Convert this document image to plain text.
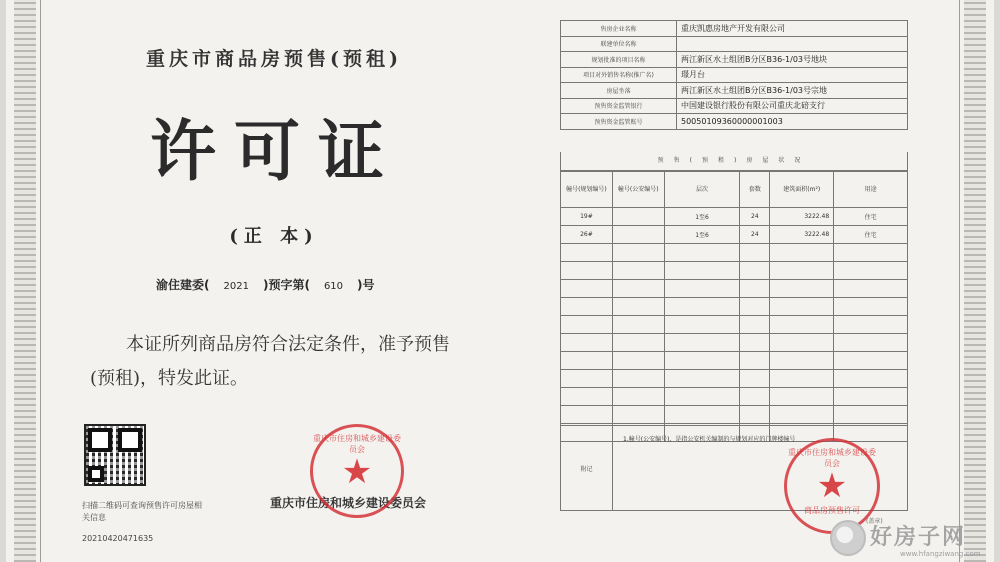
重庆市商品房预售(预租)
许可证
(正 本)
渝住建委( 2021 )预字第( 610 )号
本证所列商品房符合法定条件，准予预售(预租)，特发此证。
扫描二维码可查询预售许可房屋相关信息
20210420471635
重庆市住房和城乡建设委员会
重庆市住房和城乡建设委员会
★
售房企业名称	重庆凯惠房地产开发有限公司
联建单位名称	
规划批准的项目名称	两江新区水土组团B分区B36-1/03号地块
项目对外销售名称(推广名)	璟月台
房屋坐落	两江新区水土组团B分区B36-1/03号宗地
预售资金监管银行	中国建设银行股份有限公司重庆北碚支行
预售资金监管账号	50050109360000001003
预售(预租)房屋状况
幢号(规划编号)	幢号(公安编号)	层次	套数	建筑面积(m²)	用途
19#		1至6	24	3222.48	住宅
26#		1至6	24	3222.48	住宅

附记
1.幢号(公安编号)，是指公安机关编制的与规划对应的门牌楼幢号
重庆市住房和城乡建设委员会
★
商品房预售许可
(盖章)
好房子网
www.hfangziwang.com
